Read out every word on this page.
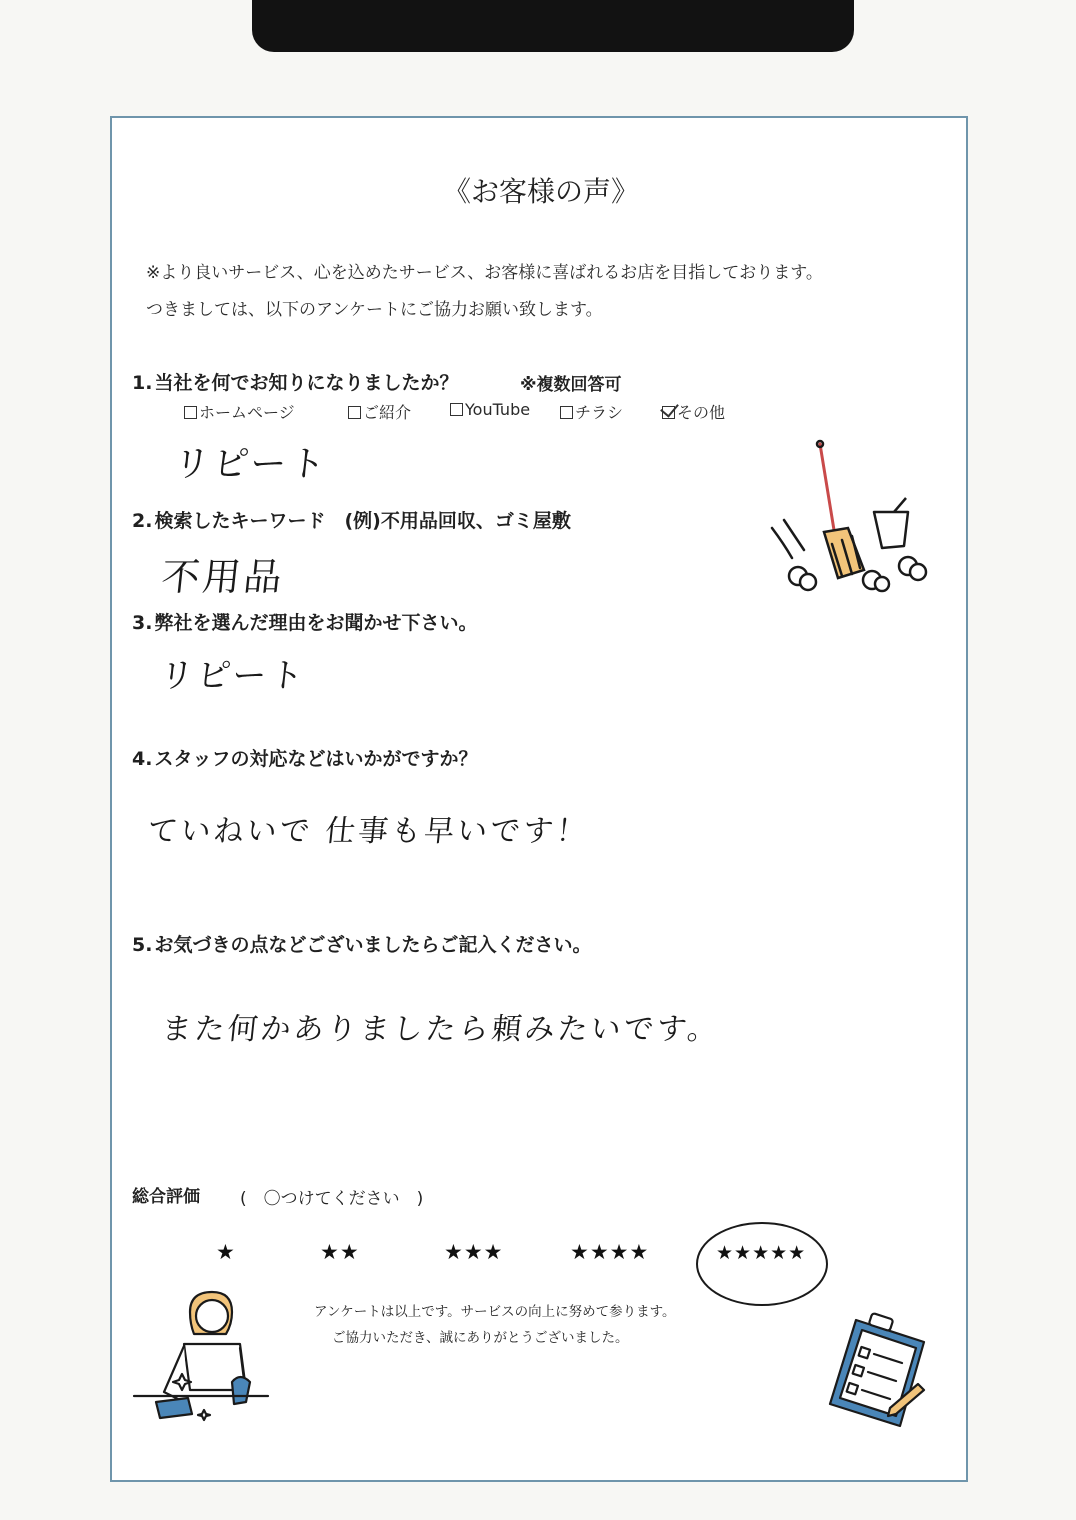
《お客様の声》
※より良いサービス、心を込めたサービス、お客様に喜ばれるお店を目指しております。
つきましては、以下のアンケートにご協力お願い致します。
1. 当社を何でお知りになりましたか？	※複数回答可
ホームページ	ご紹介	YouTube	チラシ	その他
リピート
2. 検索したキーワード　(例)不用品回収、ゴミ屋敷
不用品
3. 弊社を選んだ理由をお聞かせ下さい。
リピート
4. スタッフの対応などはいかがですか？
ていねいで 仕事も早いです！
5. お気づきの点などございましたらご記入ください。
また何かありましたら頼みたいです。
総合評価 (　〇つけてください　)
★	★★	★★★	★★★★	★★★★★
アンケートは以上です。サービスの向上に努めて参ります。
ご協力いただき、誠にありがとうございました。
